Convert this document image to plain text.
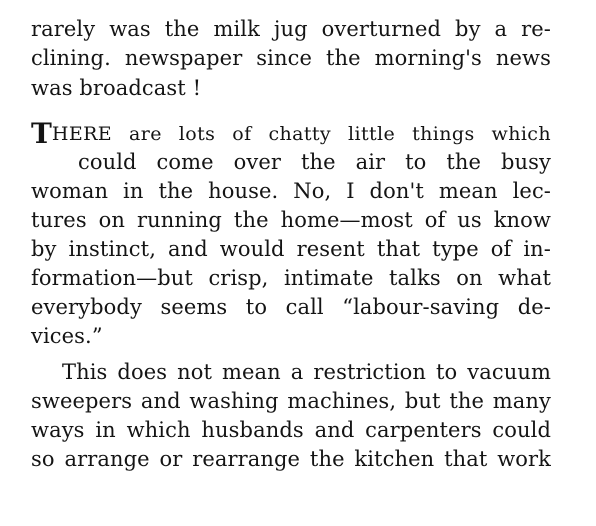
rarely was the milk jug overturned by a re-
clining. newspaper since the morning's news
was broadcast !
THERE are lots of chatty little things which
could come over the air to the busy
woman in the house. No, I don't mean lec-
tures on running the home—most of us know
by instinct, and would resent that type of in-
formation—but crisp, intimate talks on what
everybody seems to call “labour-saving de-
vices.”
This does not mean a restriction to vacuum
sweepers and washing machines, but the many
ways in which husbands and carpenters could
so arrange or rearrange the kitchen that work
